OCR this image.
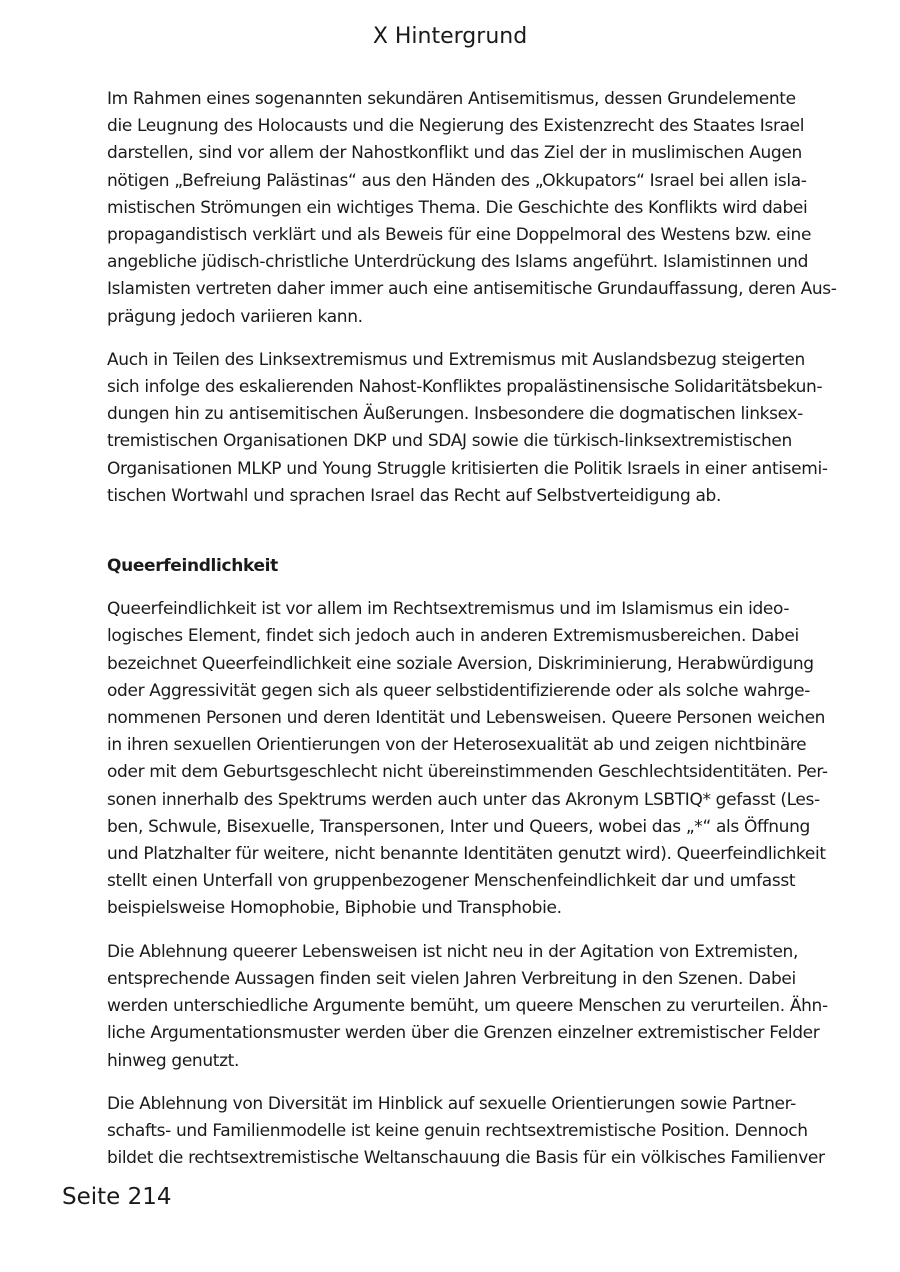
X Hintergrund

Im Rahmen eines sogenannten sekundären Antisemitismus, dessen Grundelemente
die Leugnung des Holocausts und die Negierung des Existenzrecht des Staates Israel
darstellen, sind vor allem der Nahostkonflikt und das Ziel der in muslimischen Augen
nötigen „Befreiung Palästinas“ aus den Händen des „Okkupators“ Israel bei allen isla-
mistischen Strömungen ein wichtiges Thema. Die Geschichte des Konflikts wird dabei
propagandistisch verklärt und als Beweis für eine Doppelmoral des Westens bzw. eine
angebliche jüdisch-christliche Unterdrückung des Islams angeführt. Islamistinnen und
Islamisten vertreten daher immer auch eine antisemitische Grundauffassung, deren Aus-
prägung jedoch variieren kann.

Auch in Teilen des Linksextremismus und Extremismus mit Auslandsbezug steigerten
sich infolge des eskalierenden Nahost-Konfliktes propalästinensische Solidaritätsbekun-
dungen hin zu antisemitischen Äußerungen. Insbesondere die dogmatischen linksex-
tremistischen Organisationen DKP und SDAJ sowie die türkisch-linksextremistischen
Organisationen MLKP und Young Struggle kritisierten die Politik Israels in einer antisemi-
tischen Wortwahl und sprachen Israel das Recht auf Selbstverteidigung ab.

Queerfeindlichkeit

Queerfeindlichkeit ist vor allem im Rechtsextremismus und im Islamismus ein ideo-
logisches Element, findet sich jedoch auch in anderen Extremismusbereichen. Dabei
bezeichnet Queerfeindlichkeit eine soziale Aversion, Diskriminierung, Herabwürdigung
oder Aggressivität gegen sich als queer selbstidentifizierende oder als solche wahrge-
nommenen Personen und deren Identität und Lebensweisen. Queere Personen weichen
in ihren sexuellen Orientierungen von der Heterosexualität ab und zeigen nichtbinäre
oder mit dem Geburtsgeschlecht nicht übereinstimmenden Geschlechtsidentitäten. Per-
sonen innerhalb des Spektrums werden auch unter das Akronym LSBTIQ* gefasst (Les-
ben, Schwule, Bisexuelle, Transpersonen, Inter und Queers, wobei das „*“ als Öffnung
und Platzhalter für weitere, nicht benannte Identitäten genutzt wird). Queerfeindlichkeit
stellt einen Unterfall von gruppenbezogener Menschenfeindlichkeit dar und umfasst
beispielsweise Homophobie, Biphobie und Transphobie.

Die Ablehnung queerer Lebensweisen ist nicht neu in der Agitation von Extremisten,
entsprechende Aussagen finden seit vielen Jahren Verbreitung in den Szenen. Dabei
werden unterschiedliche Argumente bemüht, um queere Menschen zu verurteilen. Ähn-
liche Argumentationsmuster werden über die Grenzen einzelner extremistischer Felder
hinweg genutzt.

Die Ablehnung von Diversität im Hinblick auf sexuelle Orientierungen sowie Partner-
schafts- und Familienmodelle ist keine genuin rechtsextremistische Position. Dennoch
bildet die rechtsextremistische Weltanschauung die Basis für ein völkisches Familienver

Seite 214
